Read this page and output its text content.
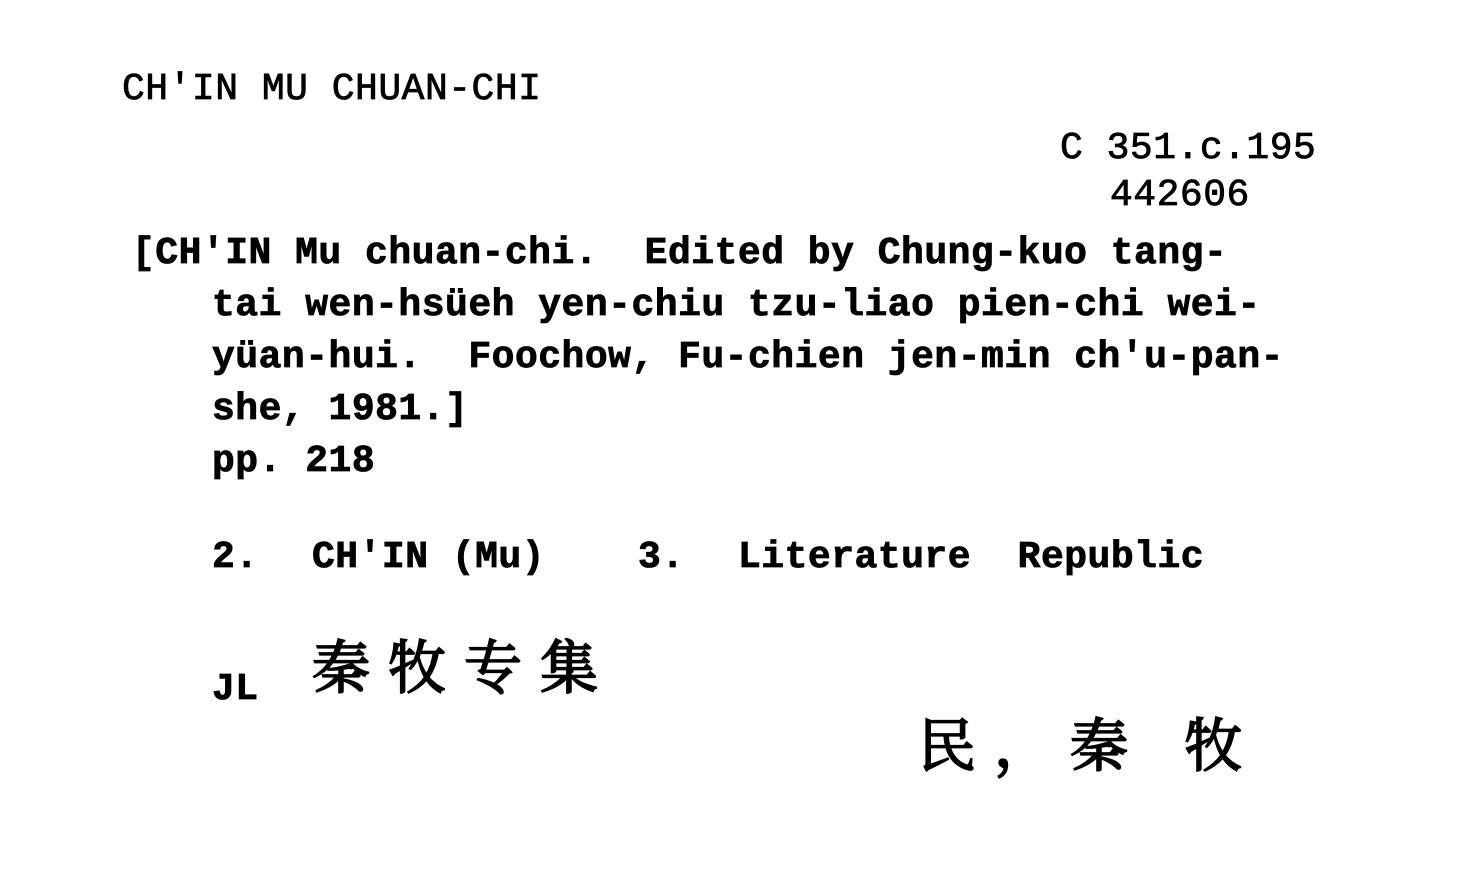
CH'IN MU CHUAN-CHI
C 351.c.195
442606
[CH'IN Mu chuan-chi.  Edited by Chung-kuo tang-
tai wen-hsüeh yen-chiu tzu-liao pien-chi wei-
yüan-hui.  Foochow, Fu-chien jen-min ch'u-pan-
she, 1981.]
pp. 218
2. CH'IN (Mu) 3. Literature  Republic
JL 秦牧专集
民，秦 牧
